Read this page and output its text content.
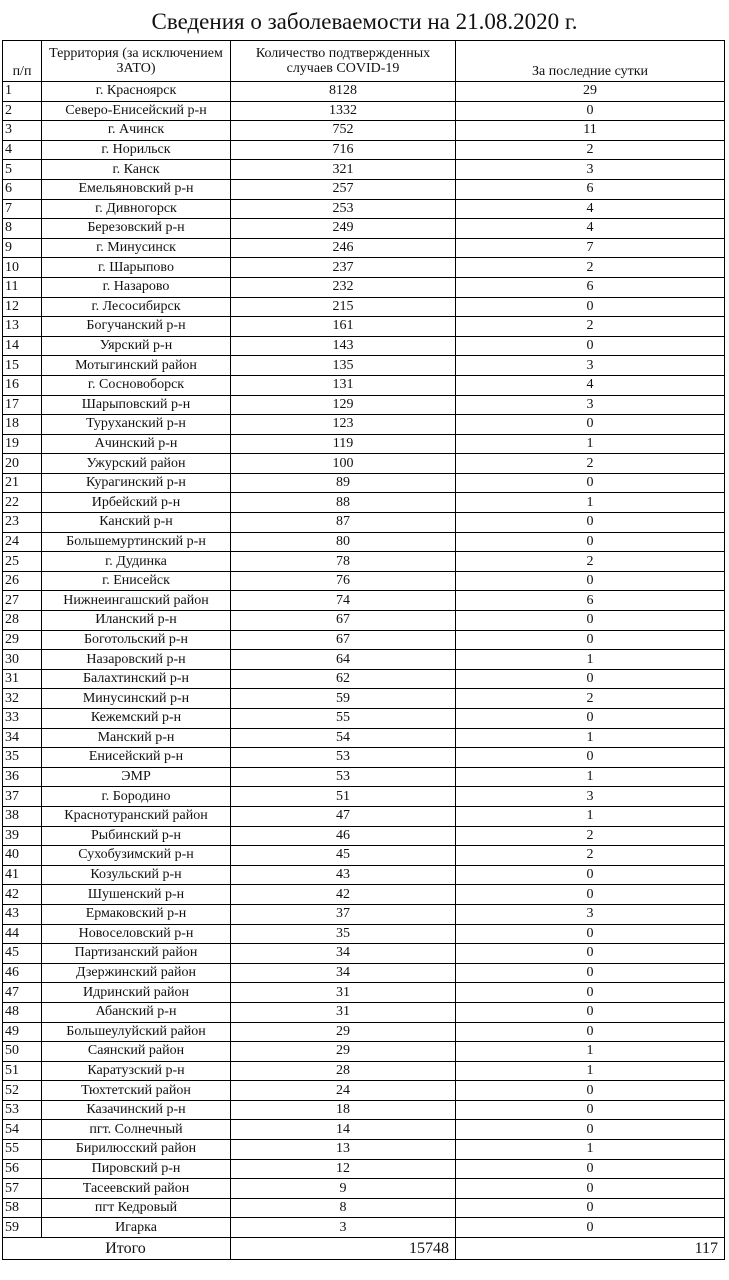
Сведения о заболеваемости на 21.08.2020 г.
п/п	Территория (за исключением ЗАТО)	Количество подтвержденных случаев COVID-19	За последние сутки
1	г. Красноярск	8128	29
2	Северо-Енисейский р-н	1332	0
3	г. Ачинск	752	11
4	г. Норильск	716	2
5	г. Канск	321	3
6	Емельяновский р-н	257	6
7	г. Дивногорск	253	4
8	Березовский р-н	249	4
9	г. Минусинск	246	7
10	г. Шарыпово	237	2
11	г. Назарово	232	6
12	г. Лесосибирск	215	0
13	Богучанский р-н	161	2
14	Уярский р-н	143	0
15	Мотыгинский район	135	3
16	г. Сосновоборск	131	4
17	Шарыповский р-н	129	3
18	Туруханский р-н	123	0
19	Ачинский р-н	119	1
20	Ужурский район	100	2
21	Курагинский р-н	89	0
22	Ирбейский р-н	88	1
23	Канский р-н	87	0
24	Большемуртинский р-н	80	0
25	г. Дудинка	78	2
26	г. Енисейск	76	0
27	Нижнеингашский район	74	6
28	Иланский р-н	67	0
29	Боготольский р-н	67	0
30	Назаровский р-н	64	1
31	Балахтинский р-н	62	0
32	Минусинский р-н	59	2
33	Кежемский р-н	55	0
34	Манский р-н	54	1
35	Енисейский р-н	53	0
36	ЭМР	53	1
37	г. Бородино	51	3
38	Краснотуранский район	47	1
39	Рыбинский р-н	46	2
40	Сухобузимский р-н	45	2
41	Козульский р-н	43	0
42	Шушенский р-н	42	0
43	Ермаковский р-н	37	3
44	Новоселовский р-н	35	0
45	Партизанский район	34	0
46	Дзержинский район	34	0
47	Идринский район	31	0
48	Абанский р-н	31	0
49	Большеулуйский район	29	0
50	Саянский район	29	1
51	Каратузский р-н	28	1
52	Тюхтетский район	24	0
53	Казачинский р-н	18	0
54	пгт. Солнечный	14	0
55	Бирилюсский район	13	1
56	Пировский р-н	12	0
57	Тасеевский район	9	0
58	пгт Кедровый	8	0
59	Игарка	3	0
Итого		15748	117
